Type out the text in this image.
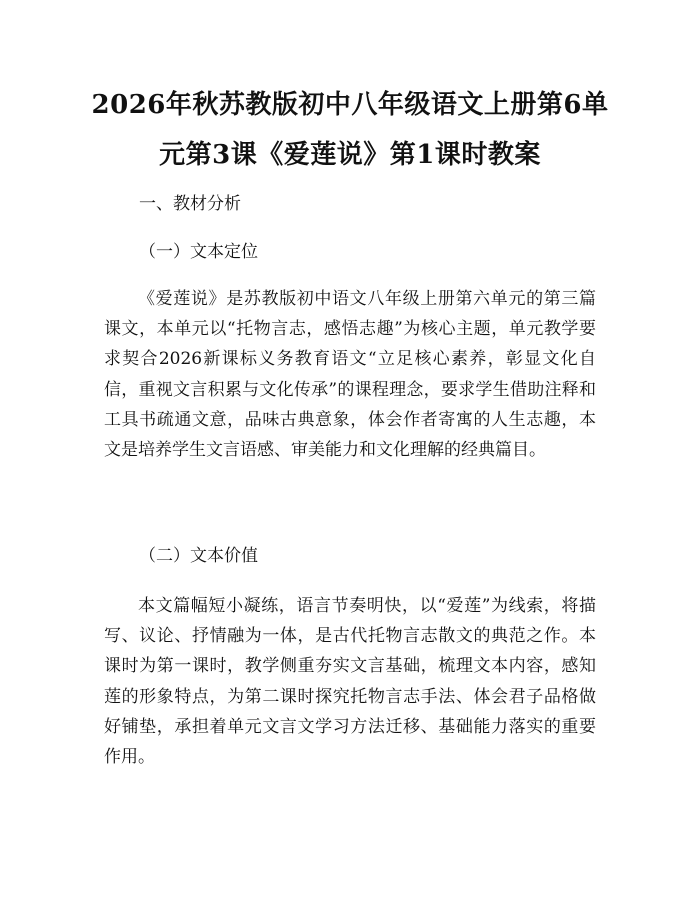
2026年秋苏教版初中八年级语文上册第6单元第3课《爱莲说》第1课时教案

一、教材分析

（一）文本定位

《爱莲说》是苏教版初中语文八年级上册第六单元的第三篇课文，本单元以“托物言志，感悟志趣”为核心主题，单元教学要求契合2026新课标义务教育语文“立足核心素养，彰显文化自信，重视文言积累与文化传承”的课程理念，要求学生借助注释和工具书疏通文意，品味古典意象，体会作者寄寓的人生志趣，本文是培养学生文言语感、审美能力和文化理解的经典篇目。

（二）文本价值

本文篇幅短小凝练，语言节奏明快，以“爱莲”为线索，将描写、议论、抒情融为一体，是古代托物言志散文的典范之作。本课时为第一课时，教学侧重夯实文言基础，梳理文本内容，感知莲的形象特点，为第二课时探究托物言志手法、体会君子品格做好铺垫，承担着单元文言文学习方法迁移、基础能力落实的重要作用。
